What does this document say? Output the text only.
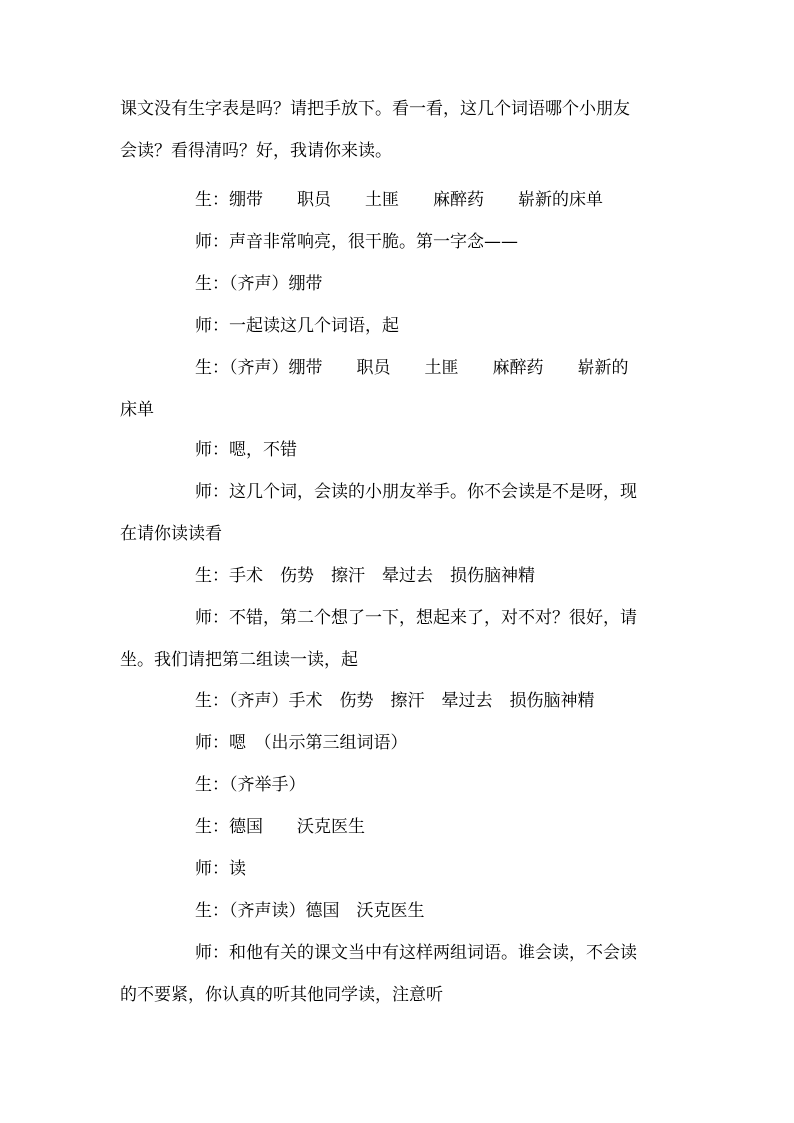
课文没有生字表是吗？请把手放下。看一看，这几个词语哪个小朋友

会读？看得清吗？好，我请你来读。

生：绷带　　职员　　土匪　　麻醉药　　崭新的床单

师：声音非常响亮，很干脆。第一字念——

生：（齐声）绷带

师：一起读这几个词语，起

生：（齐声）绷带　　职员　　土匪　　麻醉药　　崭新的

床单

师：嗯，不错

师：这几个词，会读的小朋友举手。你不会读是不是呀，现

在请你读读看

生：手术　伤势　擦汗　晕过去　损伤脑神精

师：不错，第二个想了一下，想起来了，对不对？很好，请

坐。我们请把第二组读一读，起

生：（齐声）手术　伤势　擦汗　晕过去　损伤脑神精

师：嗯　（出示第三组词语）

生：（齐举手）

生：德国　　沃克医生

师：读

生：（齐声读）德国　沃克医生

师：和他有关的课文当中有这样两组词语。谁会读，不会读

的不要紧，你认真的听其他同学读，注意听
